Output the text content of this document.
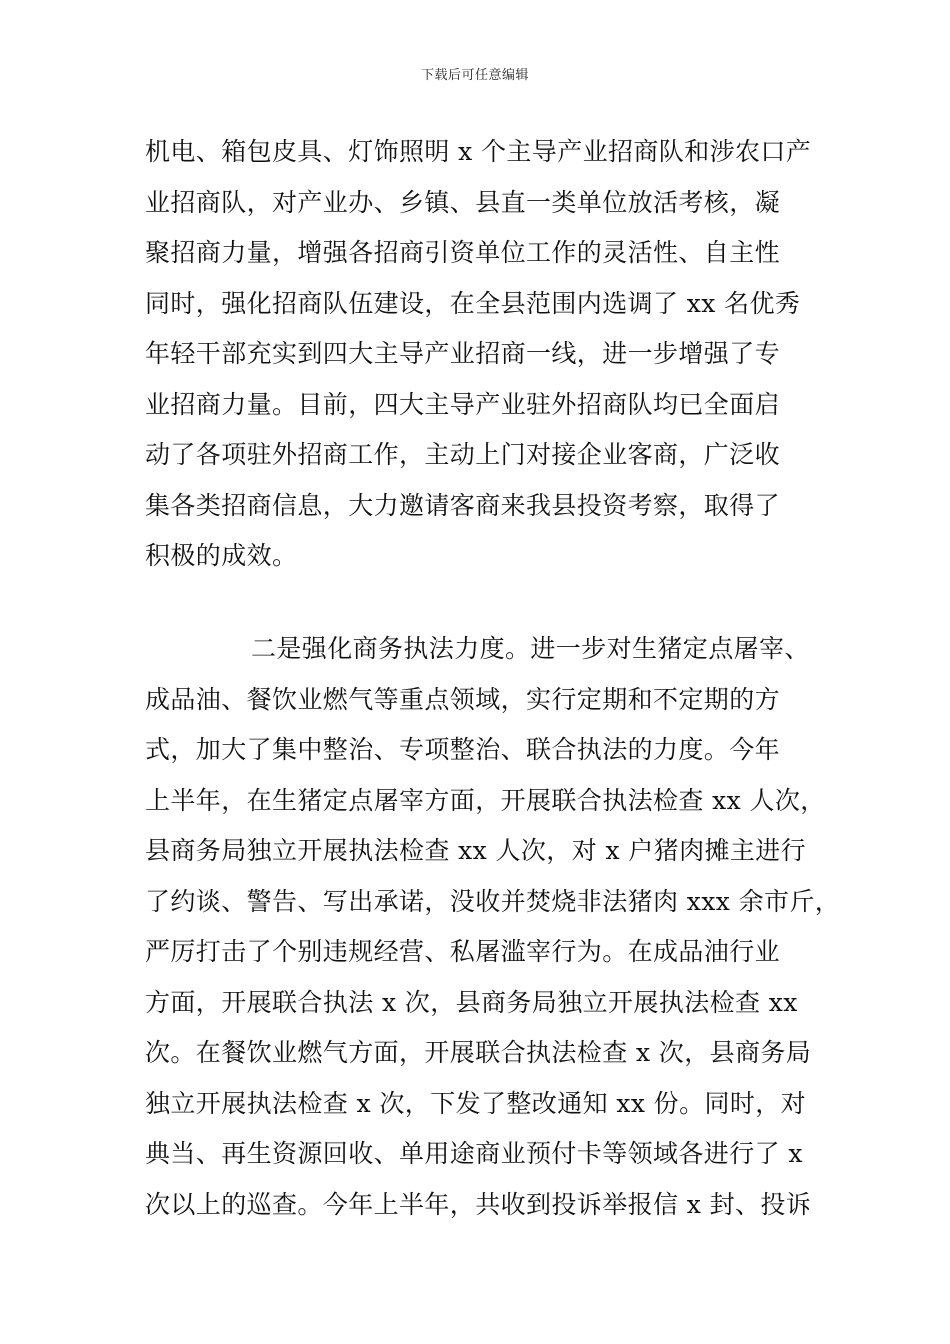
下载后可任意编辑
机电、箱包皮具、灯饰照明 x 个主导产业招商队和涉农口产
业招商队，对产业办、乡镇、县直一类单位放活考核，凝
聚招商力量，增强各招商引资单位工作的灵活性、自主性
同时，强化招商队伍建设，在全县范围内选调了 xx 名优秀
年轻干部充实到四大主导产业招商一线，进一步增强了专
业招商力量。目前，四大主导产业驻外招商队均已全面启
动了各项驻外招商工作，主动上门对接企业客商，广泛收
集各类招商信息，大力邀请客商来我县投资考察，取得了
积极的成效。
二是强化商务执法力度。进一步对生猪定点屠宰、
成品油、餐饮业燃气等重点领域，实行定期和不定期的方
式，加大了集中整治、专项整治、联合执法的力度。今年
上半年，在生猪定点屠宰方面，开展联合执法检查 xx 人次，
县商务局独立开展执法检查 xx 人次，对 x 户猪肉摊主进行
了约谈、警告、写出承诺，没收并焚烧非法猪肉 xxx 余市斤，
严厉打击了个别违规经营、私屠滥宰行为。在成品油行业
方面，开展联合执法 x 次，县商务局独立开展执法检查 xx
次。在餐饮业燃气方面，开展联合执法检查 x 次，县商务局
独立开展执法检查 x 次，下发了整改通知 xx 份。同时，对
典当、再生资源回收、单用途商业预付卡等领域各进行了 x
次以上的巡查。今年上半年，共收到投诉举报信 x 封、投诉
